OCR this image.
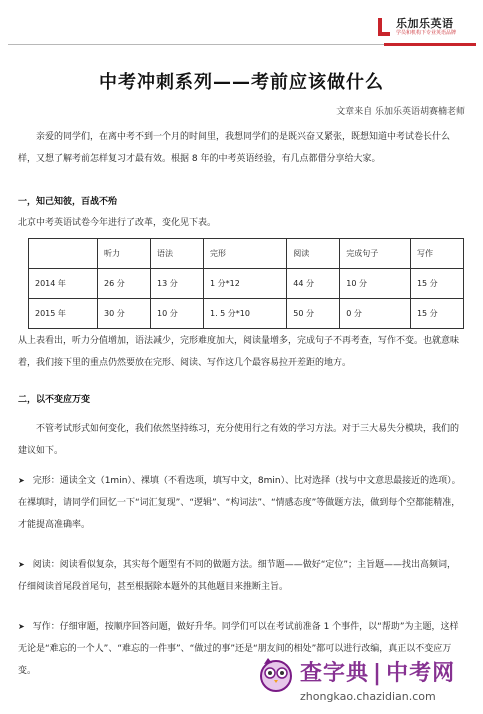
乐加乐英语
学员和机构下专业英语品牌
中考冲刺系列——考前应该做什么
文章来自 乐加乐英语胡赛楠老师
亲爱的同学们，在离中考不到一个月的时间里，我想同学们的是既兴奋又紧张，既想知道中考试卷长什么样，又想了解考前怎样复习才最有效。根据 8 年的中考英语经验，有几点都借分享给大家。
一，知己知彼，百战不殆
北京中考英语试卷今年进行了改革，变化见下表。
	听力	语法	完形	阅读	完成句子	写作
2014 年	26 分	13 分	1 分*12	44 分	10 分	15 分
2015 年	30 分	10 分	1. 5 分*10	50 分	0 分	15 分
从上表看出，听力分值增加，语法减少，完形难度加大，阅读量增多，完成句子不再考查，写作不变。也就意味着，我们接下里的重点仍然要放在完形、阅读、写作这几个最容易拉开差距的地方。
二，以不变应万变
不管考试形式如何变化，我们依然坚持练习，充分使用行之有效的学习方法。对于三大易失分模块，我们的建议如下。
➤ 完形：通读全文（1min）、裸填（不看选项，填写中文，8min）、比对选择（找与中文意思最接近的选项）。在裸填时，请同学们回忆一下“词汇复现”、“逻辑”、“构词法”、“情感态度”等做题方法，做到每个空都能精准，才能提高准确率。
➤ 阅读：阅读看似复杂，其实每个题型有不同的做题方法。细节题——做好“定位”；主旨题——找出高频词，仔细阅读首尾段首尾句，甚至根据除本题外的其他题目来推断主旨。
➤ 写作：仔细审题，按顺序回答问题，做好升华。同学们可以在考试前准备 1 个事件，以“帮助”为主题，这样无论是“难忘的一个人”、“难忘的一件事”、“做过的事”还是“朋友间的相处”都可以进行改编，真正以不变应万变。	查字典 | 中考网
zhongkao.chazidian.com
